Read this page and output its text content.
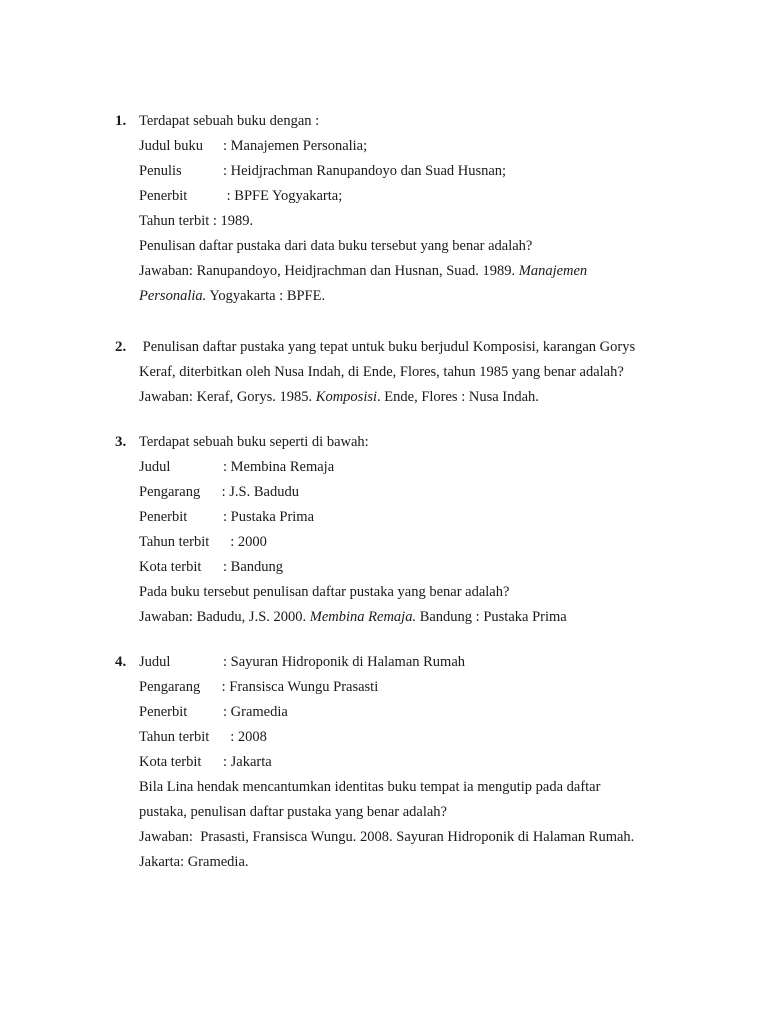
1. Terdapat sebuah buku dengan :
Judul buku : Manajemen Personalia;
Penulis	: Heidjrachman Ranupandoyo dan Suad Husnan;
Penerbit : BPFE Yogyakarta;
Tahun terbit : 1989.
Penulisan daftar pustaka dari data buku tersebut yang benar adalah?
Jawaban: Ranupandoyo, Heidjrachman dan Husnan, Suad. 1989. Manajemen
Personalia. Yogyakarta : BPFE.
2. Penulisan daftar pustaka yang tepat untuk buku berjudul Komposisi, karangan Gorys
Keraf, diterbitkan oleh Nusa Indah, di Ende, Flores, tahun 1985 yang benar adalah?
Jawaban: Keraf, Gorys. 1985. Komposisi. Ende, Flores : Nusa Indah.
3. Terdapat sebuah buku seperti di bawah:
Judul	: Membina Remaja
Pengarang : J.S. Badudu
Penerbit : Pustaka Prima
Tahun terbit  : 2000
Kota terbit : Bandung
Pada buku tersebut penulisan daftar pustaka yang benar adalah?
Jawaban: Badudu, J.S. 2000. Membina Remaja. Bandung : Pustaka Prima
4. Judul	: Sayuran Hidroponik di Halaman Rumah
Pengarang : Fransisca Wungu Prasasti
Penerbit : Gramedia
Tahun terbit  : 2008
Kota terbit : Jakarta
Bila Lina hendak mencantumkan identitas buku tempat ia mengutip pada daftar
pustaka, penulisan daftar pustaka yang benar adalah?
Jawaban:  Prasasti, Fransisca Wungu. 2008. Sayuran Hidroponik di Halaman Rumah.
Jakarta: Gramedia.
